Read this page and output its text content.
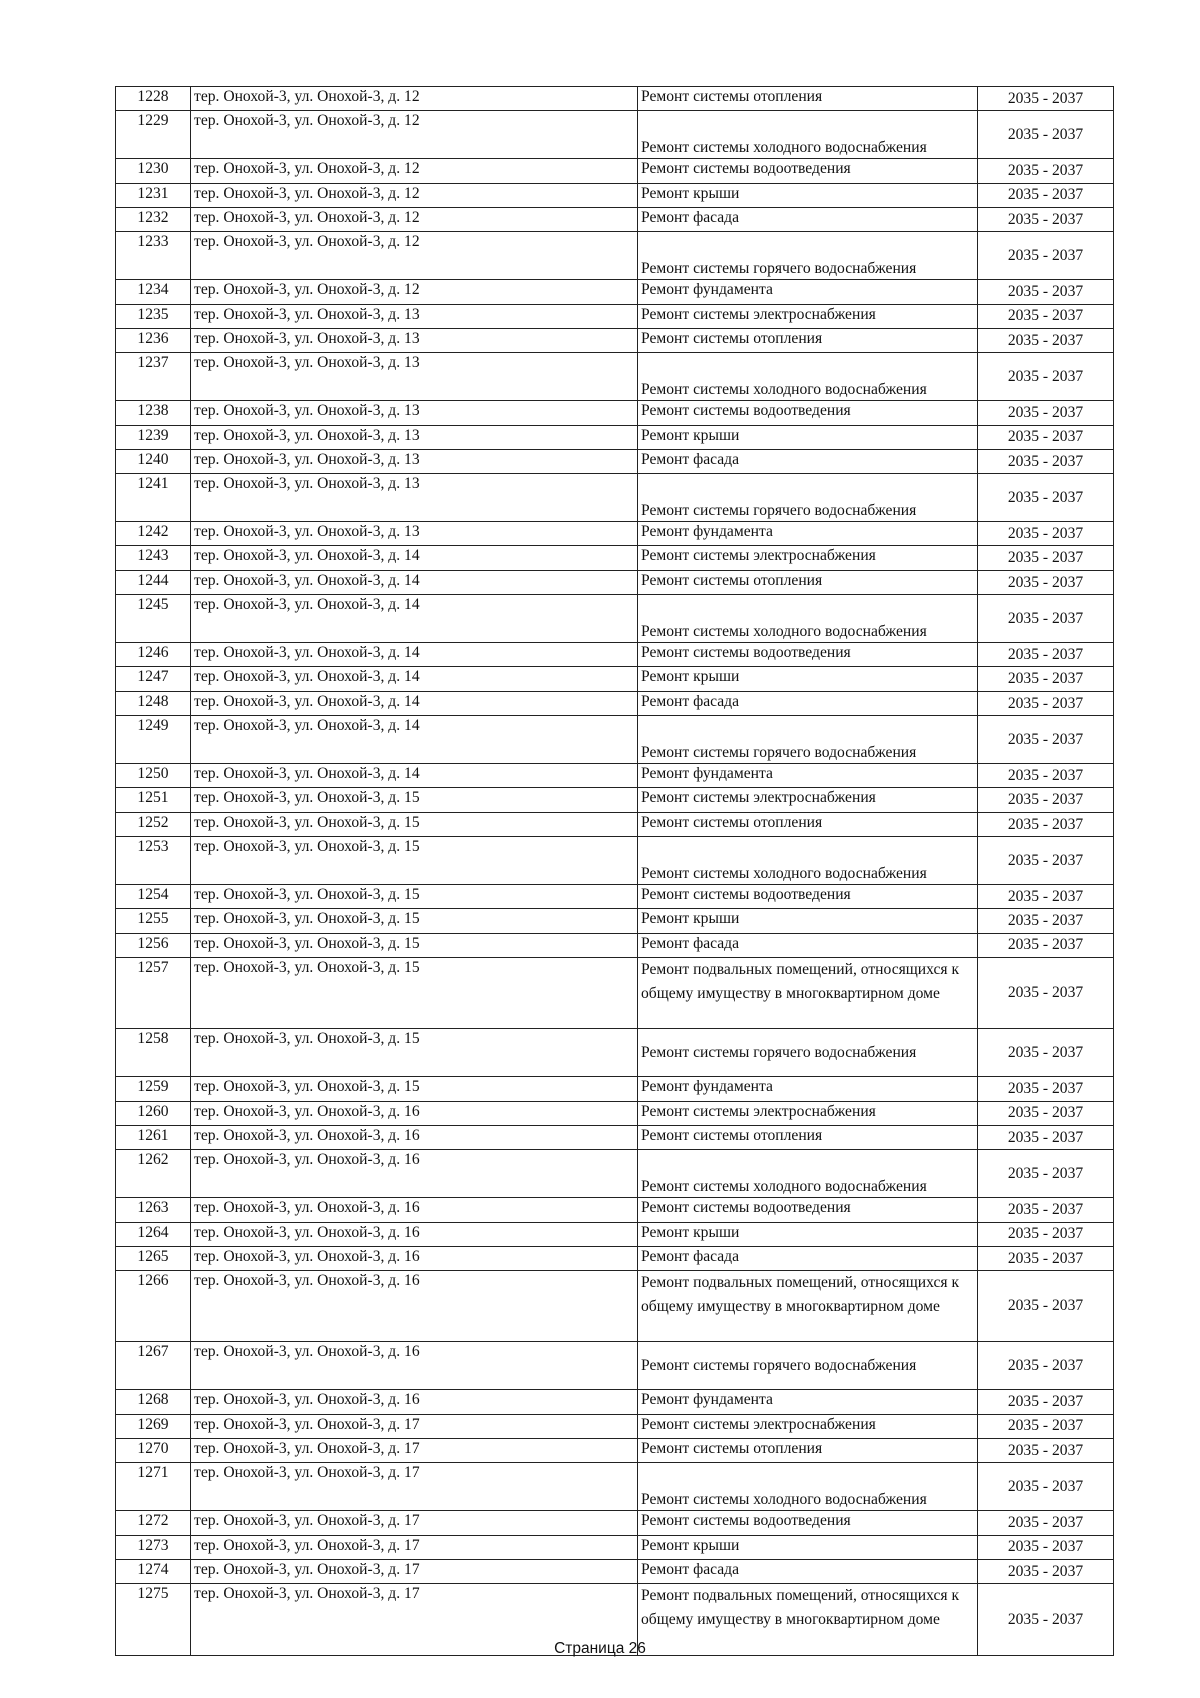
1228	тер. Онохой-3, ул. Онохой-3, д. 12	Ремонт системы отопления	2035 - 2037
1229	тер. Онохой-3, ул. Онохой-3, д. 12	Ремонт системы холодного водоснабжения	2035 - 2037
1230	тер. Онохой-3, ул. Онохой-3, д. 12	Ремонт системы водоотведения	2035 - 2037
1231	тер. Онохой-3, ул. Онохой-3, д. 12	Ремонт крыши	2035 - 2037
1232	тер. Онохой-3, ул. Онохой-3, д. 12	Ремонт фасада	2035 - 2037
1233	тер. Онохой-3, ул. Онохой-3, д. 12	Ремонт системы горячего водоснабжения	2035 - 2037
1234	тер. Онохой-3, ул. Онохой-3, д. 12	Ремонт фундамента	2035 - 2037
1235	тер. Онохой-3, ул. Онохой-3, д. 13	Ремонт системы электроснабжения	2035 - 2037
1236	тер. Онохой-3, ул. Онохой-3, д. 13	Ремонт системы отопления	2035 - 2037
1237	тер. Онохой-3, ул. Онохой-3, д. 13	Ремонт системы холодного водоснабжения	2035 - 2037
1238	тер. Онохой-3, ул. Онохой-3, д. 13	Ремонт системы водоотведения	2035 - 2037
1239	тер. Онохой-3, ул. Онохой-3, д. 13	Ремонт крыши	2035 - 2037
1240	тер. Онохой-3, ул. Онохой-3, д. 13	Ремонт фасада	2035 - 2037
1241	тер. Онохой-3, ул. Онохой-3, д. 13	Ремонт системы горячего водоснабжения	2035 - 2037
1242	тер. Онохой-3, ул. Онохой-3, д. 13	Ремонт фундамента	2035 - 2037
1243	тер. Онохой-3, ул. Онохой-3, д. 14	Ремонт системы электроснабжения	2035 - 2037
1244	тер. Онохой-3, ул. Онохой-3, д. 14	Ремонт системы отопления	2035 - 2037
1245	тер. Онохой-3, ул. Онохой-3, д. 14	Ремонт системы холодного водоснабжения	2035 - 2037
1246	тер. Онохой-3, ул. Онохой-3, д. 14	Ремонт системы водоотведения	2035 - 2037
1247	тер. Онохой-3, ул. Онохой-3, д. 14	Ремонт крыши	2035 - 2037
1248	тер. Онохой-3, ул. Онохой-3, д. 14	Ремонт фасада	2035 - 2037
1249	тер. Онохой-3, ул. Онохой-3, д. 14	Ремонт системы горячего водоснабжения	2035 - 2037
1250	тер. Онохой-3, ул. Онохой-3, д. 14	Ремонт фундамента	2035 - 2037
1251	тер. Онохой-3, ул. Онохой-3, д. 15	Ремонт системы электроснабжения	2035 - 2037
1252	тер. Онохой-3, ул. Онохой-3, д. 15	Ремонт системы отопления	2035 - 2037
1253	тер. Онохой-3, ул. Онохой-3, д. 15	Ремонт системы холодного водоснабжения	2035 - 2037
1254	тер. Онохой-3, ул. Онохой-3, д. 15	Ремонт системы водоотведения	2035 - 2037
1255	тер. Онохой-3, ул. Онохой-3, д. 15	Ремонт крыши	2035 - 2037
1256	тер. Онохой-3, ул. Онохой-3, д. 15	Ремонт фасада	2035 - 2037
1257	тер. Онохой-3, ул. Онохой-3, д. 15	Ремонт подвальных помещений, относящихся к общему имуществу в многоквартирном доме	2035 - 2037
1258	тер. Онохой-3, ул. Онохой-3, д. 15	Ремонт системы горячего водоснабжения	2035 - 2037
1259	тер. Онохой-3, ул. Онохой-3, д. 15	Ремонт фундамента	2035 - 2037
1260	тер. Онохой-3, ул. Онохой-3, д. 16	Ремонт системы электроснабжения	2035 - 2037
1261	тер. Онохой-3, ул. Онохой-3, д. 16	Ремонт системы отопления	2035 - 2037
1262	тер. Онохой-3, ул. Онохой-3, д. 16	Ремонт системы холодного водоснабжения	2035 - 2037
1263	тер. Онохой-3, ул. Онохой-3, д. 16	Ремонт системы водоотведения	2035 - 2037
1264	тер. Онохой-3, ул. Онохой-3, д. 16	Ремонт крыши	2035 - 2037
1265	тер. Онохой-3, ул. Онохой-3, д. 16	Ремонт фасада	2035 - 2037
1266	тер. Онохой-3, ул. Онохой-3, д. 16	Ремонт подвальных помещений, относящихся к общему имуществу в многоквартирном доме	2035 - 2037
1267	тер. Онохой-3, ул. Онохой-3, д. 16	Ремонт системы горячего водоснабжения	2035 - 2037
1268	тер. Онохой-3, ул. Онохой-3, д. 16	Ремонт фундамента	2035 - 2037
1269	тер. Онохой-3, ул. Онохой-3, д. 17	Ремонт системы электроснабжения	2035 - 2037
1270	тер. Онохой-3, ул. Онохой-3, д. 17	Ремонт системы отопления	2035 - 2037
1271	тер. Онохой-3, ул. Онохой-3, д. 17	Ремонт системы холодного водоснабжения	2035 - 2037
1272	тер. Онохой-3, ул. Онохой-3, д. 17	Ремонт системы водоотведения	2035 - 2037
1273	тер. Онохой-3, ул. Онохой-3, д. 17	Ремонт крыши	2035 - 2037
1274	тер. Онохой-3, ул. Онохой-3, д. 17	Ремонт фасада	2035 - 2037
1275	тер. Онохой-3, ул. Онохой-3, д. 17	Ремонт подвальных помещений, относящихся к общему имуществу в многоквартирном доме	2035 - 2037
Страница 26
